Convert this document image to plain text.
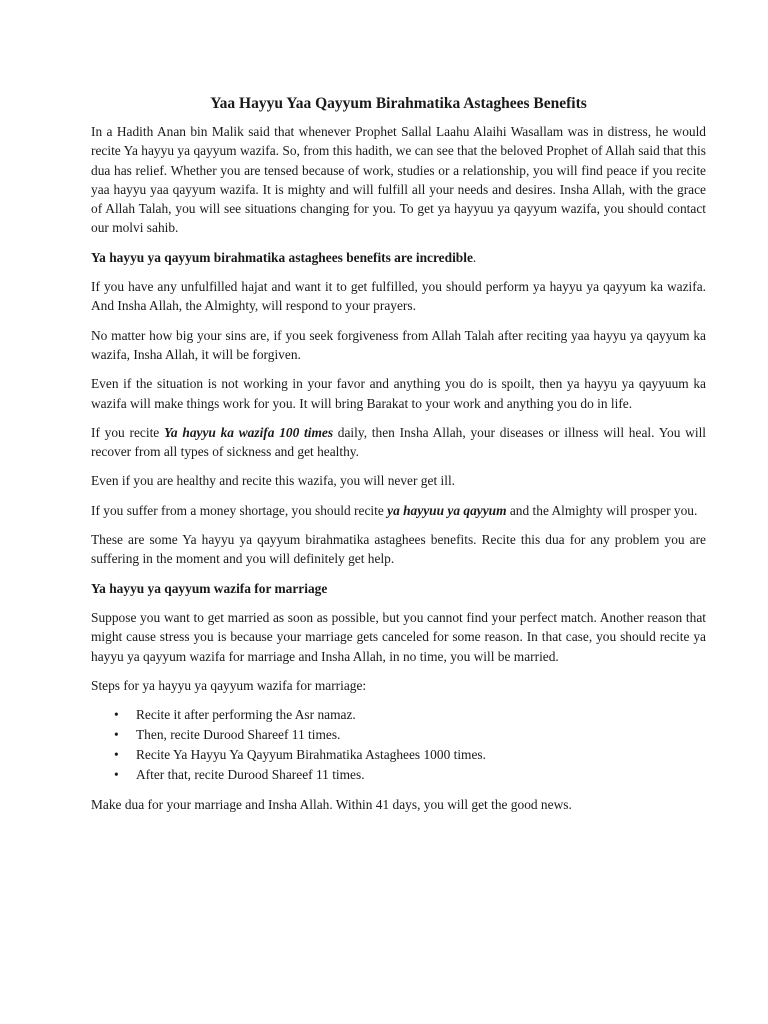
Yaa Hayyu Yaa Qayyum Birahmatika Astaghees Benefits

In a Hadith Anan bin Malik said that whenever Prophet Sallal Laahu Alaihi Wasallam was in distress, he would recite Ya hayyu ya qayyum wazifa. So, from this hadith, we can see that the beloved Prophet of Allah said that this dua has relief. Whether you are tensed because of work, studies or a relationship, you will find peace if you recite yaa hayyu yaa qayyum wazifa. It is mighty and will fulfill all your needs and desires. Insha Allah, with the grace of Allah Talah, you will see situations changing for you. To get ya hayyuu ya qayyum wazifa, you should contact our molvi sahib.

Ya hayyu ya qayyum birahmatika astaghees benefits are incredible.

If you have any unfulfilled hajat and want it to get fulfilled, you should perform ya hayyu ya qayyum ka wazifa. And Insha Allah, the Almighty, will respond to your prayers.

No matter how big your sins are, if you seek forgiveness from Allah Talah after reciting yaa hayyu ya qayyum ka wazifa, Insha Allah, it will be forgiven.

Even if the situation is not working in your favor and anything you do is spoilt, then ya hayyu ya qayyuum ka wazifa will make things work for you. It will bring Barakat to your work and anything you do in life.

If you recite Ya hayyu ka wazifa 100 times daily, then Insha Allah, your diseases or illness will heal. You will recover from all types of sickness and get healthy.

Even if you are healthy and recite this wazifa, you will never get ill.

If you suffer from a money shortage, you should recite ya hayyuu ya qayyum and the Almighty will prosper you.

These are some Ya hayyu ya qayyum birahmatika astaghees benefits. Recite this dua for any problem you are suffering in the moment and you will definitely get help.

Ya hayyu ya qayyum wazifa for marriage

Suppose you want to get married as soon as possible, but you cannot find your perfect match. Another reason that might cause stress you is because your marriage gets canceled for some reason. In that case, you should recite ya hayyu ya qayyum wazifa for marriage and Insha Allah, in no time, you will be married.

Steps for ya hayyu ya qayyum wazifa for marriage:

• Recite it after performing the Asr namaz.
• Then, recite Durood Shareef 11 times.
• Recite Ya Hayyu Ya Qayyum Birahmatika Astaghees 1000 times.
• After that, recite Durood Shareef 11 times.

Make dua for your marriage and Insha Allah. Within 41 days, you will get the good news.
